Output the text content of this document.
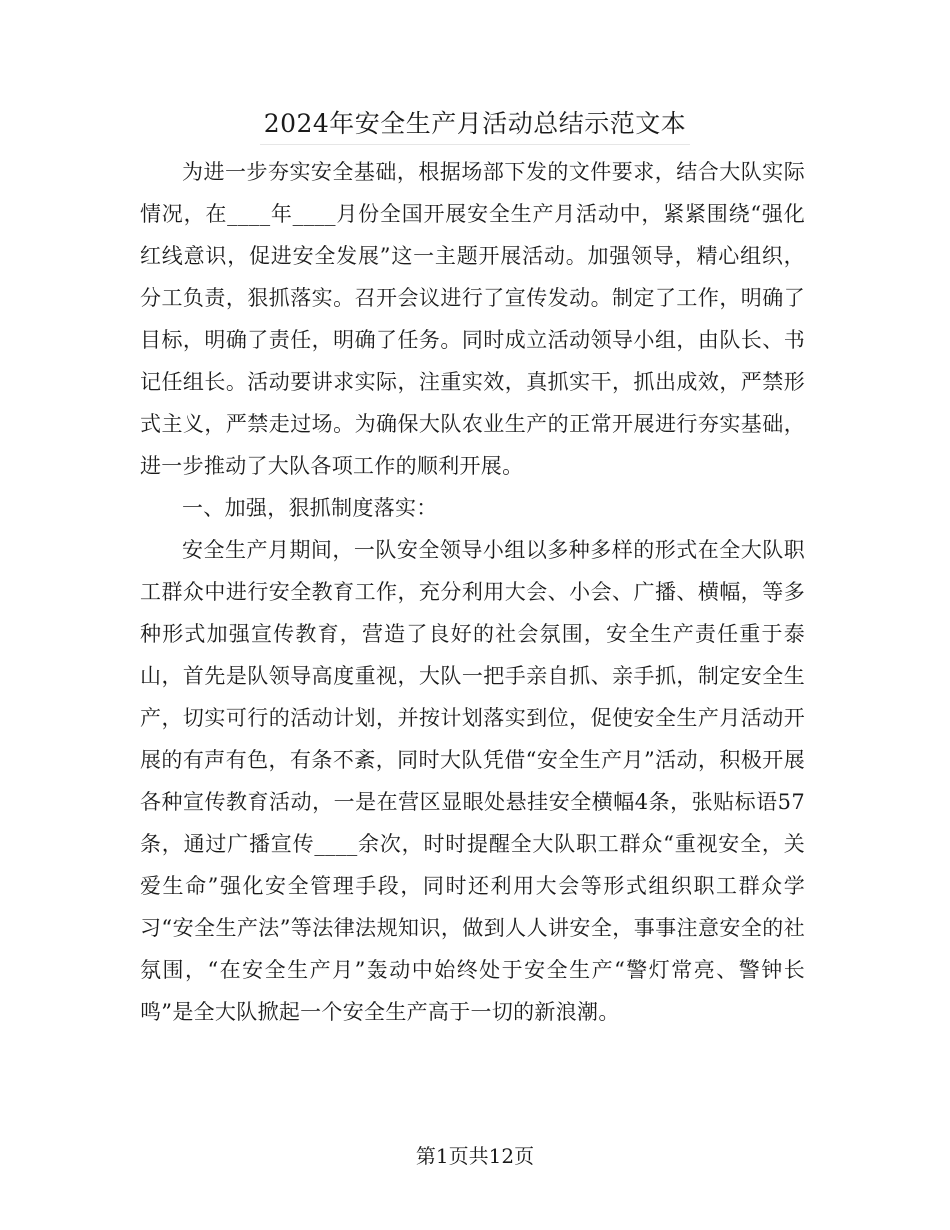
2024年安全生产月活动总结示范文本

为进一步夯实安全基础，根据场部下发的文件要求，结合大队实际情况，在____年____月份全国开展安全生产月活动中，紧紧围绕“强化红线意识，促进安全发展”这一主题开展活动。加强领导，精心组织，分工负责，狠抓落实。召开会议进行了宣传发动。制定了工作，明确了目标，明确了责任，明确了任务。同时成立活动领导小组，由队长、书记任组长。活动要讲求实际，注重实效，真抓实干，抓出成效，严禁形式主义，严禁走过场。为确保大队农业生产的正常开展进行夯实基础，进一步推动了大队各项工作的顺利开展。

一、加强，狠抓制度落实：

安全生产月期间，一队安全领导小组以多种多样的形式在全大队职工群众中进行安全教育工作，充分利用大会、小会、广播、横幅，等多种形式加强宣传教育，营造了良好的社会氛围，安全生产责任重于泰山，首先是队领导高度重视，大队一把手亲自抓、亲手抓，制定安全生产，切实可行的活动计划，并按计划落实到位，促使安全生产月活动开展的有声有色，有条不紊，同时大队凭借“安全生产月”活动，积极开展各种宣传教育活动，一是在营区显眼处悬挂安全横幅4条，张贴标语57条，通过广播宣传____余次，时时提醒全大队职工群众“重视安全，关爱生命”强化安全管理手段，同时还利用大会等形式组织职工群众学习“安全生产法”等法律法规知识，做到人人讲安全，事事注意安全的社氛围，“在安全生产月”轰动中始终处于安全生产“警灯常亮、警钟长鸣”是全大队掀起一个安全生产高于一切的新浪潮。

第1页共12页
